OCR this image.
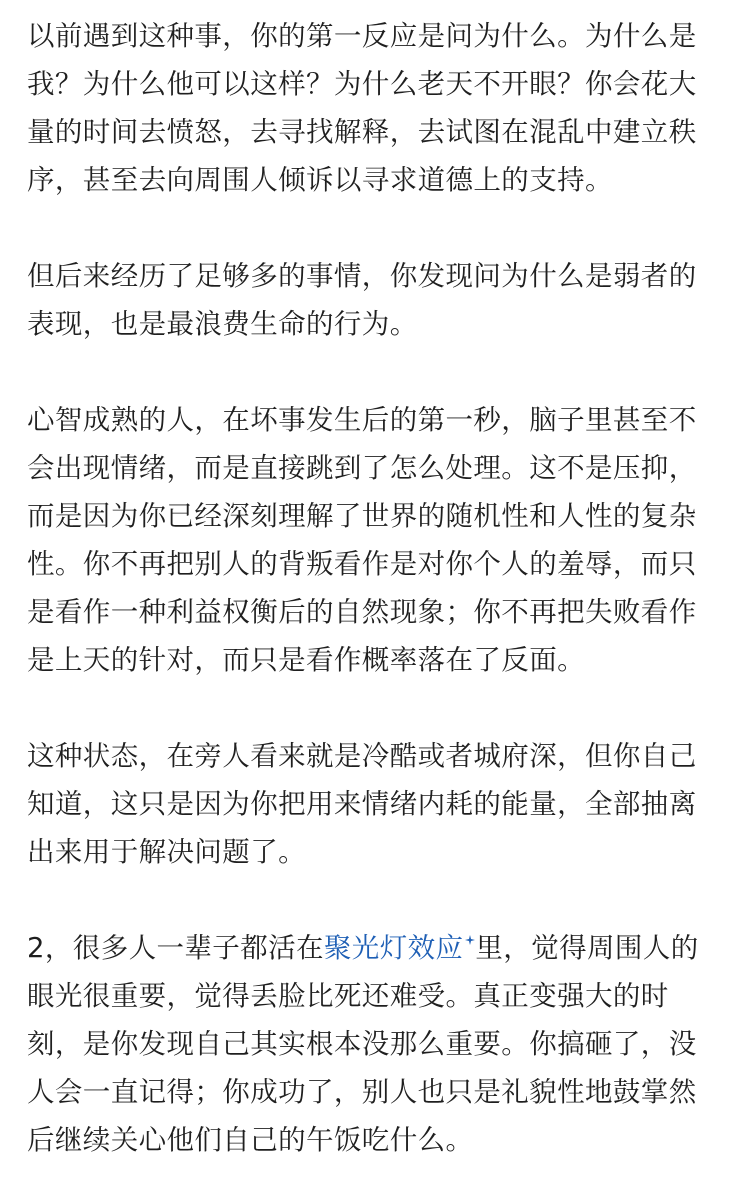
以前遇到这种事，你的第一反应是问为什么。为什么是我？为什么他可以这样？为什么老天不开眼？你会花大量的时间去愤怒，去寻找解释，去试图在混乱中建立秩序，甚至去向周围人倾诉以寻求道德上的支持。

但后来经历了足够多的事情，你发现问为什么是弱者的表现，也是最浪费生命的行为。

心智成熟的人，在坏事发生后的第一秒，脑子里甚至不会出现情绪，而是直接跳到了怎么处理。这不是压抑，而是因为你已经深刻理解了世界的随机性和人性的复杂性。你不再把别人的背叛看作是对你个人的羞辱，而只是看作一种利益权衡后的自然现象；你不再把失败看作是上天的针对，而只是看作概率落在了反面。

这种状态，在旁人看来就是冷酷或者城府深，但你自己知道，这只是因为你把用来情绪内耗的能量，全部抽离出来用于解决问题了。

2，很多人一辈子都活在聚光灯效应 里，觉得周围人的眼光很重要，觉得丢脸比死还难受。真正变强大的时刻，是你发现自己其实根本没那么重要。你搞砸了，没人会一直记得；你成功了，别人也只是礼貌性地鼓掌然后继续关心他们自己的午饭吃什么。
